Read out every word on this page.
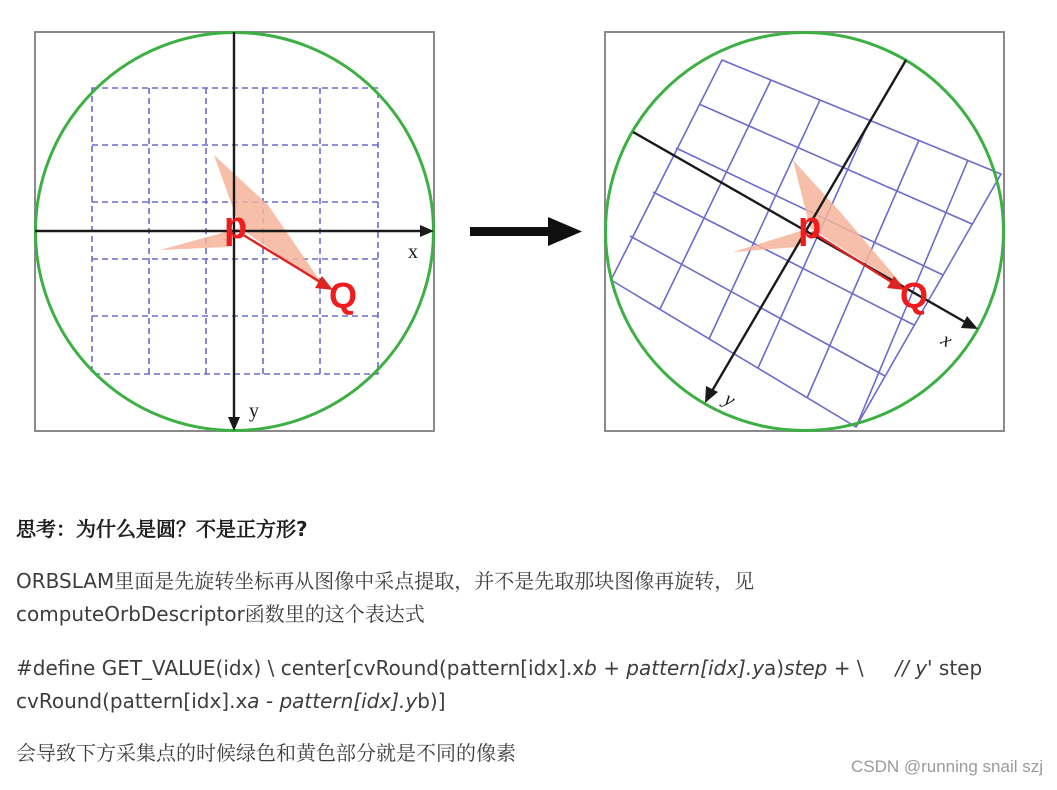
p
Q
x
y
p
Q
x
y

思考：为什么是圆？不是正方形?

ORBSLAM里面是先旋转坐标再从图像中采点提取，并不是先取那块图像再旋转，见
computeOrbDescriptor函数里的这个表达式

#define GET_VALUE(idx) \ center[cvRound(pattern[idx].xb + pattern[idx].ya)step + \     // y' step
cvRound(pattern[idx].xa - pattern[idx].yb)]

会导致下方采集点的时候绿色和黄色部分就是不同的像素

CSDN @running snail szj
